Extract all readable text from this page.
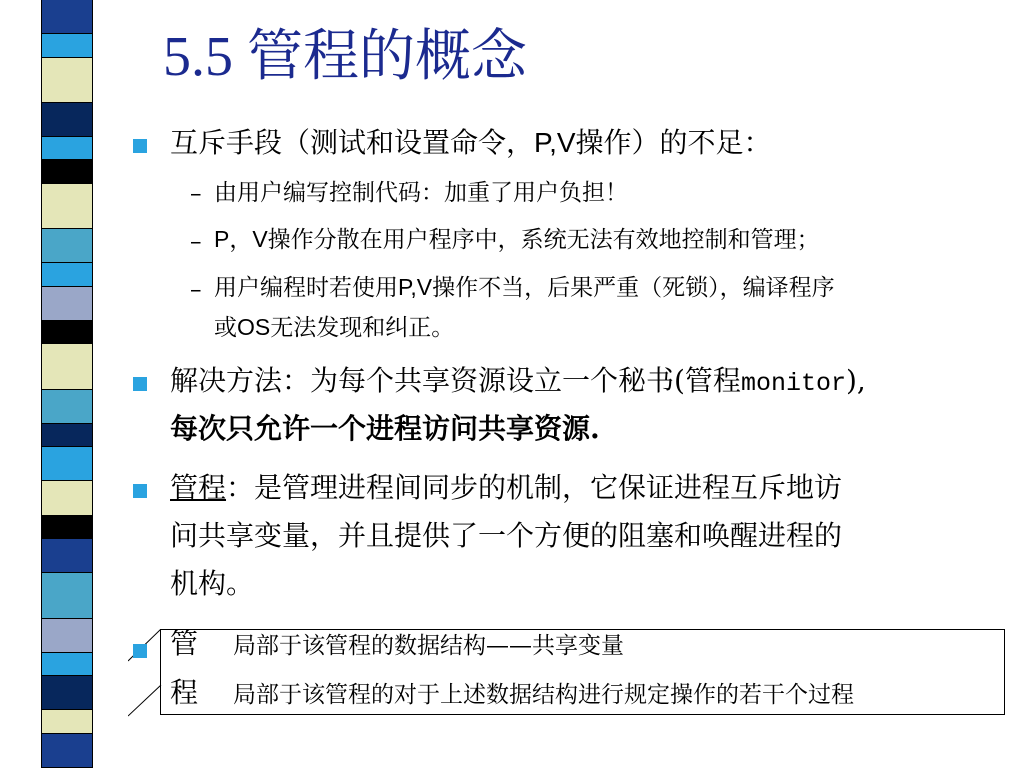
5.5 管程的概念
互斥手段（测试和设置命令，P,V操作）的不足：
– 由用户编写控制代码：加重了用户负担！
– P，V操作分散在用户程序中，系统无法有效地控制和管理；
– 用户编程时若使用P,V操作不当，后果严重（死锁），编译程序
或OS无法发现和纠正。
解决方法：为每个共享资源设立一个秘书(管程monitor),
每次只允许一个进程访问共享资源.
管程：是管理进程间同步的机制，它保证进程互斥地访
问共享变量，并且提供了一个方便的阻塞和唤醒进程的
机构。
管
程
局部于该管程的数据结构——共享变量
局部于该管程的对于上述数据结构进行规定操作的若干个过程
